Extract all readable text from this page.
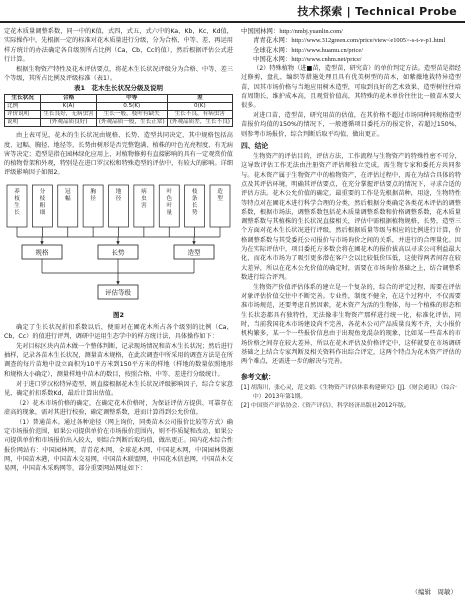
技术探索 | Technical Probe

定花木质量调整系数，同一中的K值，式四，式五，式六中的Ka，Kb，Kc，Kd值，实际操作中，先根据一定的标准对花木质量进行分级，分为合格、中等、差，再运用样方统计的办法确定各自级别所占比例（Ca，Cb，Cc的值），然后根据评估公式进行计算。

根据生物资产特性及花木评估要点，将花木生长状况评级分为合格、中等、差三个等级，其所占比例及评级标准（表1）。

表1　花木生长状况分级及说明
生长状况	合格	中等	差
比例	K(A)	0.5(K)	0(K)
评价说明	生长良好，无病虫害	生长一般，枝叶有缺失	生长不良，有病虫害
说明	(外观品质良好)	(外观品质一般，生长正常)	(外观品质差，生长不良)

由上表可见，花木的生长状况由规格、长势、造型共同决定，其中规格包括高度、冠幅、胸径、地径等，长势由树形是否完整饱满、植株的叶色光亮程度、有无病害等决定；造型是指在园林绿化应用上，对植物修剪有直接影响的具有一定观赏价值的植物骨架和外观，特别是在进口罗汉松和特殊造型的评估中，有较大的影响。详细评级影响因子如图2。

养枝生长
分枝粗细
冠幅
胸径
地径
病虫害
叶色叶量
枝条长势
造型
规格	长势	造型
评估等级
图2

确定了生长状况折扣系数以后，便需对在圃花木所占各个级别的比例（Ca，Cb，Cc）的值进行评判，调研中运用生态学中的样方统计法，具体操作如下：

先对目标区块内苗木做一个整体判断，记录现场情况和苗木生长状况；然后进行抽样，记录各苗木生长状况，测量苗木规格，在此次调查中所采用的调查方法是在所调查的每片苗地中设立面积为10平方米到150平方米的样地（样地的数量依照地形和规格大小确定），测量样地中苗木的数目，按照合格、中等、差进行分级统计。

对于进口罗汉松特异造型，则直接根据花木生长状况评级影响因子，综合专家意见，确定折扣系数Kd，最后计算出估值。

（2）花木市场价格的确定，在确定花木价格时，为保证评估方提供、可靠存在虚高的现象，需对其进行校验，确定调整系数，进而计算得到公允价值。

（1）普通苗木。通过各种途径（网上询价，同类苗木公司报价比较等方式）确定市场报价范围，如果公司提供单价在市场报价范围内，则不作质疑和改动，如果公司提供单价和市场报价出入较大，则综合判断后取均值，做出更正。国内花木综合性报价网站有：中国园林网，青青花木网，全球花木网，中国花木网，中国园林资源网，中国苗木港，中国苗木交易网，中国苗木联盟网，中国花木信息网，中国苗木交易网，中国苗木采购网等，部分重要网站网址如下：

中国园林网：http://nmbj.yuanlin.com/
青青花木网：http://www.312green.com/price/view<e1005>-s-t-v-p1.html
全球花木网：http://www.huamu.cn/price/
中国花木网：http://www.cnhm.net/price/

（2）特殊植物（进■苗，造型苗，研究苗）的单价判定方法。造型苗是指经过修剪，盘扎，编织等措施处理且具有优美树型的苗木，如紫薇地栽特异造型苗，因其市场价格与当地应用树木造型，可取到良好的艺术效果，造型树往往培育周期长，维护成本高，且观赏价值高，其特殊的花木单价往往比一般苗木要大很多。

对进口苗，造型苗，研究用苗的估值，在其价格不超过市场同种同规格造型苗报价均值的150%的情况下，一般遵循项目委托方的报定价，若超过150%，则参考市场报价，综合判断后取平均值，做出更正。

四、结论

生物资产的评估目的，评估方法，工作流程与生物资产的特殊性密不可分，这导致评估工作无法由注册资产评估师独立完成，需生物专家和委托方共同参与。花木资产属于生物资产中的植物资产，在评估过程中，需在为结合具体的特点及其评估环境，明确其评估要点，在充分掌握评估要点的情况下，寻求合适的评估方法。花木公允价值的确定，最重要的工作是先根据苗种，用途，生物特性等特点对在圃花木进行科学合理的分类，然后根据分类确定各类花木评估的调整系数，根据市场法，调整系数包括花木质量调整系数和价格调整系数，花木质量调整系数与其植株的生长状况直接相关，评估中需根据植物规格，长势，造型三个方面对花木生长状况进行评级，然后根据质量等级与相应的比例进行计算，价格调整系数与其受委托公司报价与市场询价之间的关系，并进行的合理量化。因为在实际评估中，项目委托方多数会将在圃花木的报价拔高以寻求公司利益最大化，而花木市场为了吸引更多潜在客户会以比较低价压低，这使得两者间存在较大差异，所以在花木公允价值的确定时，需要在市场询价基础之上，结合调整系数进行综合评判。

生物资产价值评估体系的建立是一个复杂的，综合的评定过程，需要在评估对象评估价值交往中不断完善。专业性，制度不健全，在这个过程中，不仅需要准市场规范，还要考虑自然因素，花木资产为活的生物体，每一个植株的形态和生长状态都具有独特性，无法像非生物资产那样进行统一化，标准化评估，同时，当前我国花木市场建设尚不完善，各花木公司产品质量良莠不齐，大小报价机构繁多，某一个一些报价信息由于出现鱼龙混杂的现象，比如某一些苗木的市场价格之间存在较大差异，所以在花木评估及价格评定中，这样就要在市场调研基础之上结合专家判断及相关资料作出综合评定，这两个特点为花木资产评估的两个难点，还需进一步的解决与完善。

参考文献：

[1] 胡海川，张心灵，范文娟.《生物资产评估体系构建研究》[J].《财会通讯》（综合·中）2013年第1期。

[2] 中国资产评估协会.《资产评估》，科学经济出版社2012年版。

（编辑　周敏）
